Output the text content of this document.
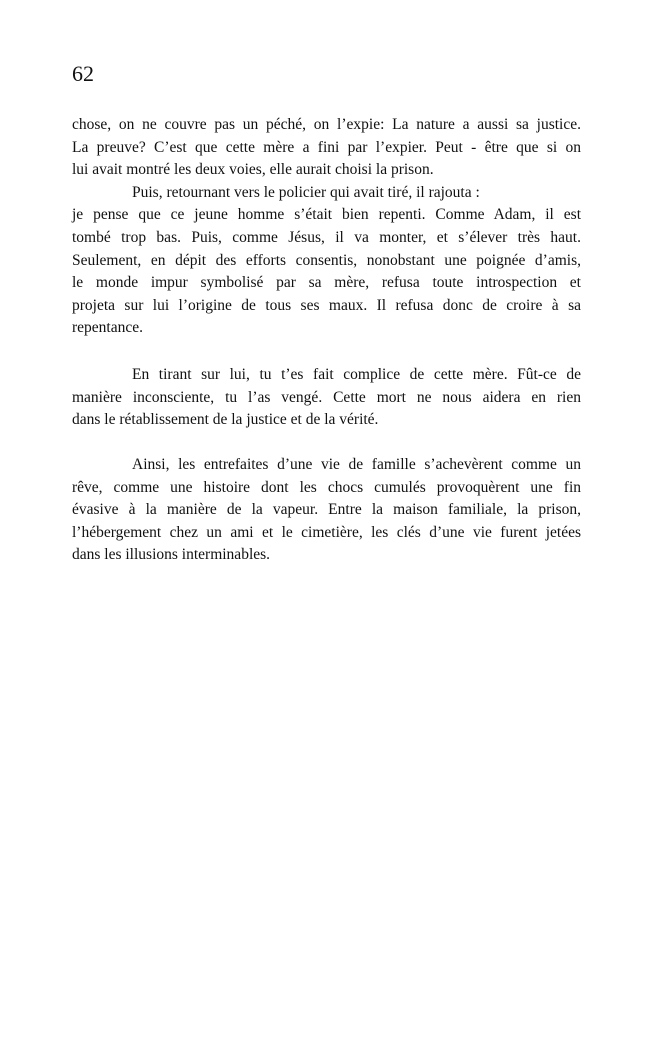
62
chose, on ne couvre pas un péché, on l’expie: La nature a aussi sa justice.
La preuve? C’est que cette mère a fini par l’expier. Peut - être que si on
lui avait montré les deux voies, elle aurait choisi la prison.
Puis, retournant vers le policier qui avait tiré, il rajouta :
je pense que ce jeune homme s’était bien repenti. Comme Adam, il est
tombé trop bas. Puis, comme Jésus, il va monter, et s’élever très haut.
Seulement, en dépit des efforts consentis, nonobstant une poignée d’amis,
le monde impur symbolisé par sa mère, refusa toute introspection et
projeta sur lui l’origine de tous ses maux. Il refusa donc de croire à sa
repentance.
En tirant sur lui, tu t’es fait complice de cette mère. Fût-ce de
manière inconsciente, tu l’as vengé. Cette mort ne nous aidera en rien
dans le rétablissement de la justice et de la vérité.
Ainsi, les entrefaites d’une vie de famille s’achevèrent comme un
rêve, comme une histoire dont les chocs cumulés provoquèrent une fin
évasive à la manière de la vapeur. Entre la maison familiale, la prison,
l’hébergement chez un ami et le cimetière, les clés d’une vie furent jetées
dans les illusions interminables.
